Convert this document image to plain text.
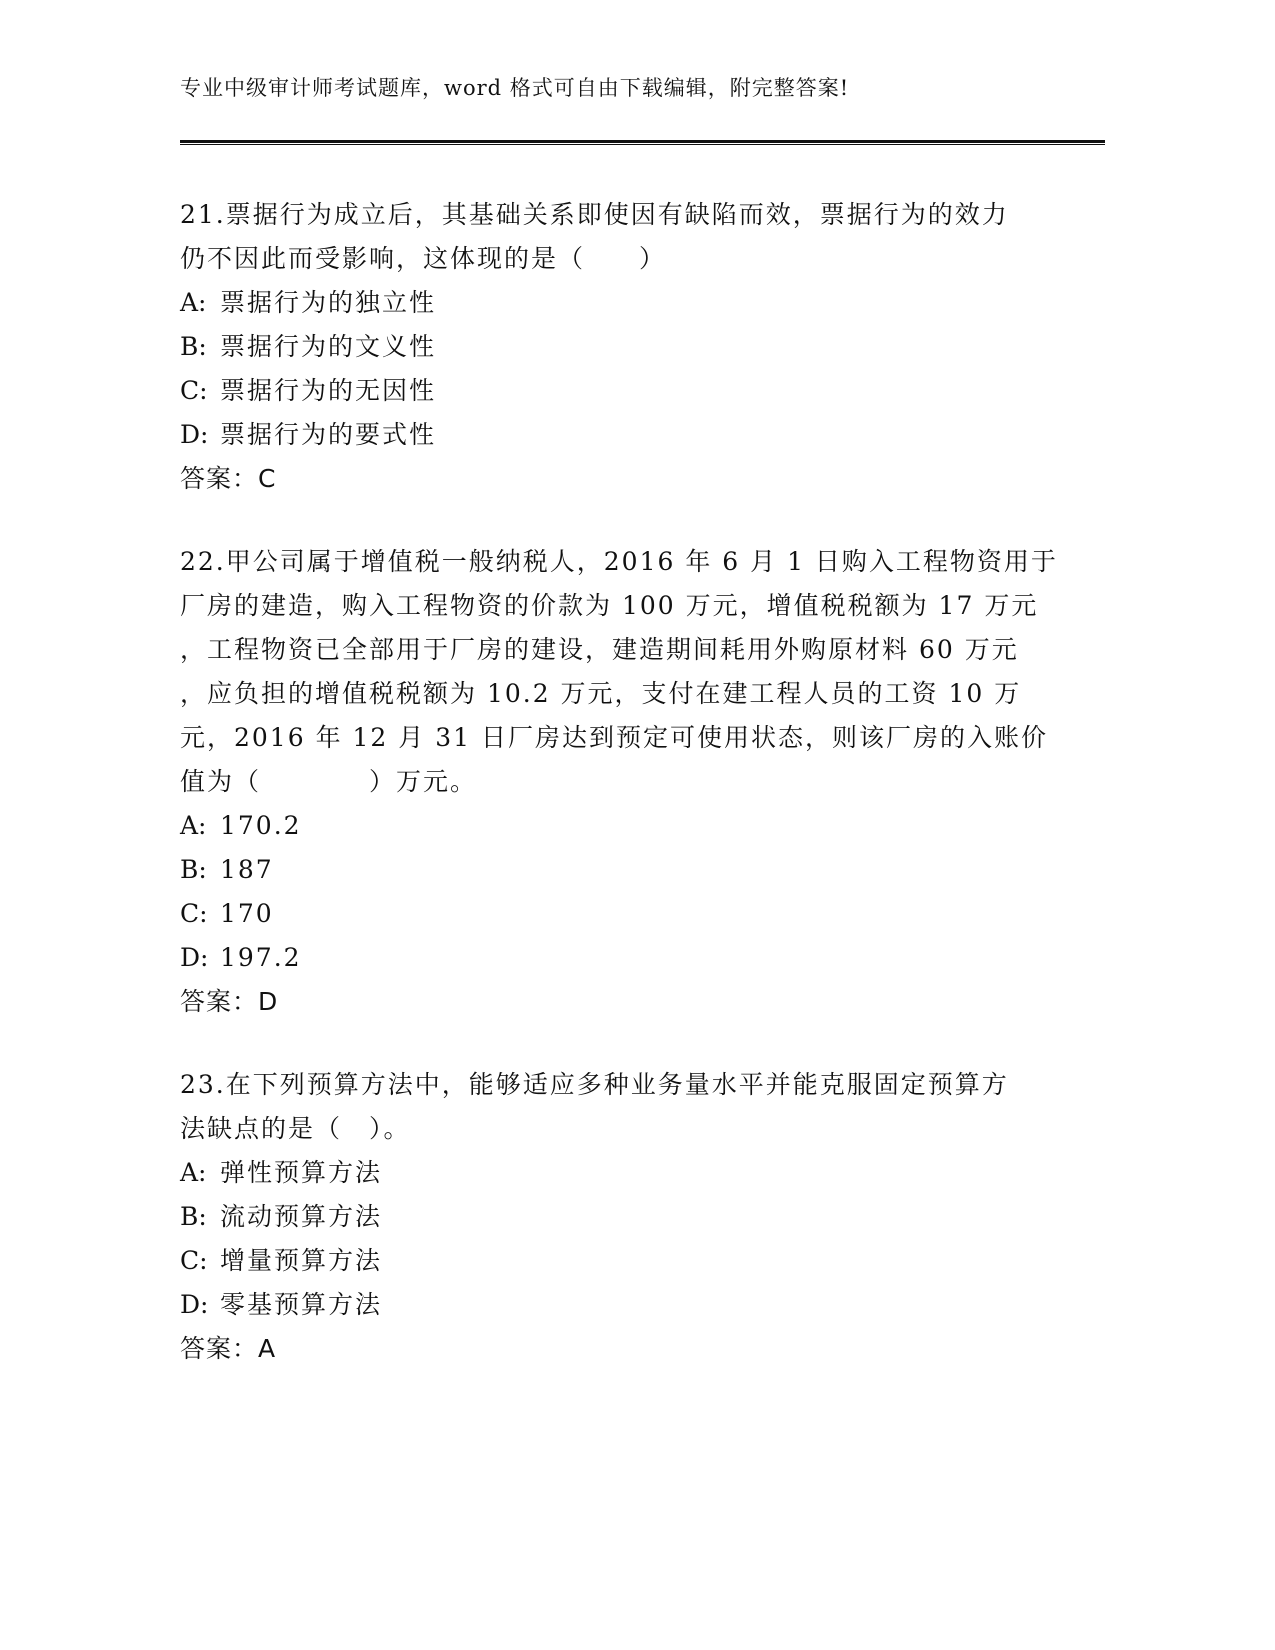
专业中级审计师考试题库，word 格式可自由下载编辑，附完整答案!
21.票据行为成立后，其基础关系即使因有缺陷而效，票据行为的效力
仍不因此而受影响，这体现的是（　　）
A: 票据行为的独立性
B: 票据行为的文义性
C: 票据行为的无因性
D: 票据行为的要式性
答案：C
22.甲公司属于增值税一般纳税人，2016 年 6 月 1 日购入工程物资用于
厂房的建造，购入工程物资的价款为 100 万元，增值税税额为 17 万元
，工程物资已全部用于厂房的建设，建造期间耗用外购原材料 60 万元
，应负担的增值税税额为 10.2 万元，支付在建工程人员的工资 10 万
元，2016 年 12 月 31 日厂房达到预定可使用状态，则该厂房的入账价
值为（　　　　）万元。
A: 170.2
B: 187
C: 170
D: 197.2
答案：D
23.在下列预算方法中，能够适应多种业务量水平并能克服固定预算方
法缺点的是（　）。
A: 弹性预算方法
B: 流动预算方法
C: 增量预算方法
D: 零基预算方法
答案：A
